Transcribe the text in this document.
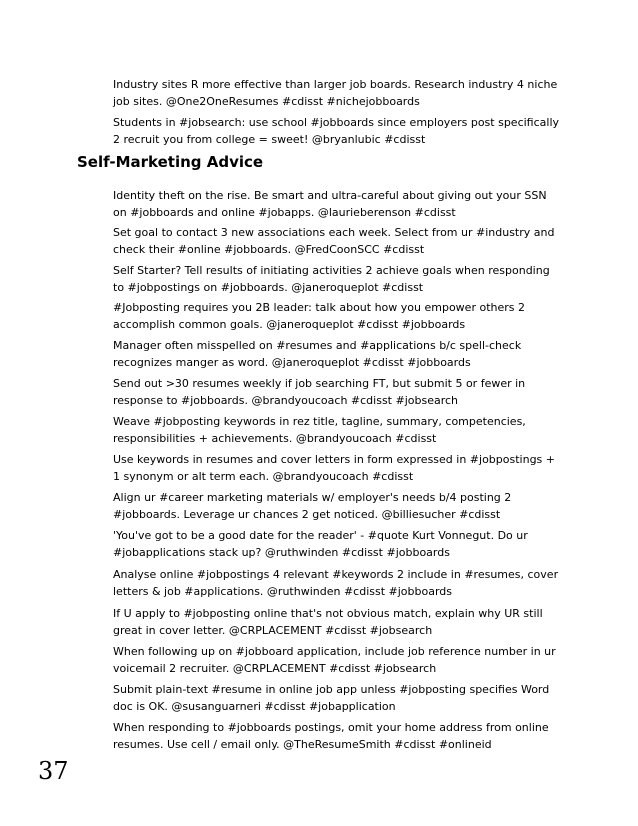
Industry sites R more effective than larger job boards. Research industry 4 niche job sites. @One2OneResumes #cdisst #nichejobboards

Students in #jobsearch: use school #jobboards since employers post specifically 2 recruit you from college = sweet! @bryanlubic #cdisst

Self-Marketing Advice

Identity theft on the rise. Be smart and ultra-careful about giving out your SSN on #jobboards and online #jobapps. @laurieberenson #cdisst

Set goal to contact 3 new associations each week. Select from ur #industry and check their #online #jobboards. @FredCoonSCC #cdisst

Self Starter? Tell results of initiating activities 2 achieve goals when responding to #jobpostings on #jobboards. @janeroqueplot #cdisst

#Jobposting requires you 2B leader: talk about how you empower others 2 accomplish common goals. @janeroqueplot #cdisst #jobboards

Manager often misspelled on #resumes and #applications b/c spell-check recognizes manger as word. @janeroqueplot #cdisst #jobboards

Send out >30 resumes weekly if job searching FT, but submit 5 or fewer in response to #jobboards. @brandyoucoach #cdisst #jobsearch

Weave #jobposting keywords in rez title, tagline, summary, competencies, responsibilities + achievements. @brandyoucoach #cdisst

Use keywords in resumes and cover letters in form expressed in #jobpostings + 1 synonym or alt term each. @brandyoucoach #cdisst

Align ur #career marketing materials w/ employer's needs b/4 posting 2 #jobboards. Leverage ur chances 2 get noticed. @billiesucher #cdisst

'You've got to be a good date for the reader' - #quote Kurt Vonnegut. Do ur #jobapplications stack up? @ruthwinden #cdisst #jobboards

Analyse online #jobpostings 4 relevant #keywords 2 include in #resumes, cover letters & job #applications. @ruthwinden #cdisst #jobboards

If U apply to #jobposting online that's not obvious match, explain why UR still great in cover letter. @CRPLACEMENT #cdisst #jobsearch

When following up on #jobboard application, include job reference number in ur voicemail 2 recruiter. @CRPLACEMENT #cdisst #jobsearch

Submit plain-text #resume in online job app unless #jobposting specifies Word doc is OK. @susanguarneri #cdisst #jobapplication

When responding to #jobboards postings, omit your home address from online resumes. Use cell / email only. @TheResumeSmith #cdisst #onlineid

37
